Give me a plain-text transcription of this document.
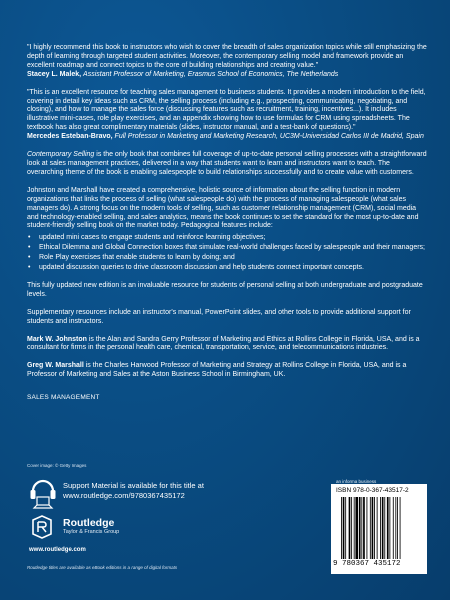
"I highly recommend this book to instructors who wish to cover the breadth of sales organization topics while still emphasizing the depth of learning through targeted student activities. Moreover, the contemporary selling model and framework provide an excellent roadmap and connect topics to the core of building relationships and creating value."
Stacey L. Malek, Assistant Professor of Marketing, Erasmus School of Economics, The Netherlands

"This is an excellent resource for teaching sales management to business students. It provides a modern introduction to the field, covering in detail key ideas such as CRM, the selling process (including e.g., prospecting, communicating, negotiating, and closing), and how to manage the sales force (discussing features such as recruitment, training, incentives...). It includes illustrative mini-cases, role play exercises, and an appendix showing how to use formulas for CRM using spreadsheets. The textbook has also great complimentary materials (slides, instructor manual, and a test-bank of questions)."
Mercedes Esteban-Bravo, Full Professor in Marketing and Marketing Research, UC3M-Universidad Carlos III de Madrid, Spain

Contemporary Selling is the only book that combines full coverage of up-to-date personal selling processes with a straightforward look at sales management practices, delivered in a way that students want to learn and instructors want to teach. The overarching theme of the book is enabling salespeople to build relationships successfully and to create value with customers.

Johnston and Marshall have created a comprehensive, holistic source of information about the selling function in modern organizations that links the process of selling (what salespeople do) with the process of managing salespeople (what sales managers do). A strong focus on the modern tools of selling, such as customer relationship management (CRM), social media and technology-enabled selling, and sales analytics, means the book continues to set the standard for the most up-to-date and student-friendly selling book on the market today. Pedagogical features include:

• updated mini cases to engage students and reinforce learning objectives;
• Ethical Dilemma and Global Connection boxes that simulate real-world challenges faced by salespeople and their managers;
• Role Play exercises that enable students to learn by doing; and
• updated discussion queries to drive classroom discussion and help students connect important concepts.

This fully updated new edition is an invaluable resource for students of personal selling at both undergraduate and postgraduate levels.

Supplementary resources include an instructor's manual, PowerPoint slides, and other tools to provide additional support for students and instructors.

Mark W. Johnston is the Alan and Sandra Gerry Professor of Marketing and Ethics at Rollins College in Florida, USA, and is a consultant for firms in the personal health care, chemical, transportation, service, and telecommunications industries.

Greg W. Marshall is the Charles Harwood Professor of Marketing and Strategy at Rollins College in Florida, USA, and is a Professor of Marketing and Sales at the Aston Business School in Birmingham, UK.

SALES MANAGEMENT
Cover image: © Getty Images
Support Material is available for this title at
www.routledge.com/9780367435172
Routledge
Taylor & Francis Group
www.routledge.com
Routledge titles are available as eBook editions in a range of digital formats
an informa business
ISBN 978-0-367-43517-2
9 780367 435172
